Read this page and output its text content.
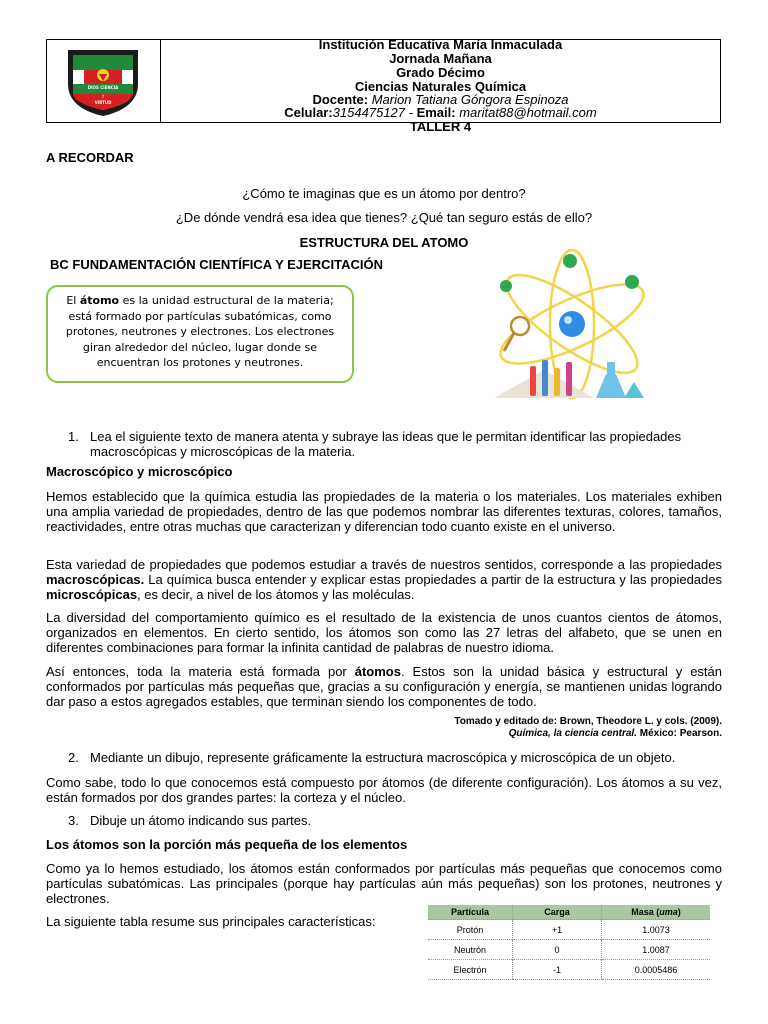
DIOS CIENCIA
Y
VIRTUD
Institución Educativa María Inmaculada
Jornada Mañana
Grado Décimo
Ciencias Naturales Química
Docente: Marion Tatiana Góngora Espinoza
Celular:3154475127 - Email: maritat88@hotmail.com
TALLER 4
A RECORDAR
¿Cómo te imaginas que es un átomo por dentro?
¿De dónde vendrá esa idea que tienes? ¿Qué tan seguro estás de ello?
ESTRUCTURA DEL ATOMO
BC FUNDAMENTACIÓN CIENTÍFICA Y EJERCITACIÓN
El átomo es la unidad estructural de la materia; está formado por partículas subatómicas, como protones, neutrones y electrones. Los electrones giran alrededor del núcleo, lugar donde se encuentran los protones y neutrones.
1. Lea el siguiente texto de manera atenta y subraye las ideas que le permitan identificar las propiedades macroscópicas y microscópicas de la materia.
Macroscópico y microscópico
Hemos establecido que la química estudia las propiedades de la materia o los materiales. Los materiales exhiben una amplia variedad de propiedades, dentro de las que podemos nombrar las diferentes texturas, colores, tamaños, reactividades, entre otras muchas que caracterizan y diferencian todo cuanto existe en el universo.
Esta variedad de propiedades que podemos estudiar a través de nuestros sentidos, corresponde a las propiedades macroscópicas. La química busca entender y explicar estas propiedades a partir de la estructura y las propiedades microscópicas, es decir, a nivel de los átomos y las moléculas.
La diversidad del comportamiento químico es el resultado de la existencia de unos cuantos cientos de átomos, organizados en elementos. En cierto sentido, los átomos son como las 27 letras del alfabeto, que se unen en diferentes combinaciones para formar la infinita cantidad de palabras de nuestro idioma.
Así entonces, toda la materia está formada por átomos. Estos son la unidad básica y estructural y están conformados por partículas más pequeñas que, gracias a su configuración y energía, se mantienen unidas logrando dar paso a estos agregados estables, que terminan siendo los componentes de todo.
Tomado y editado de: Brown, Theodore L. y cols. (2009).
Química, la ciencia central. México: Pearson.
2. Mediante un dibujo, represente gráficamente la estructura macroscópica y microscópica de un objeto.
Como sabe, todo lo que conocemos está compuesto por átomos (de diferente configuración). Los átomos a su vez, están formados por dos grandes partes: la corteza y el núcleo.
3. Dibuje un átomo indicando sus partes.
Los átomos son la porción más pequeña de los elementos
Como ya lo hemos estudiado, los átomos están conformados por partículas más pequeñas que conocemos como partículas subatómicas. Las principales (porque hay partículas aún más pequeñas) son los protones, neutrones y electrones.
La siguiente tabla resume sus principales características:
Partícula	Carga	Masa (uma)
Protón	+1	1.0073
Neutrón	0	1.0087
Electrón	-1	0.0005486
